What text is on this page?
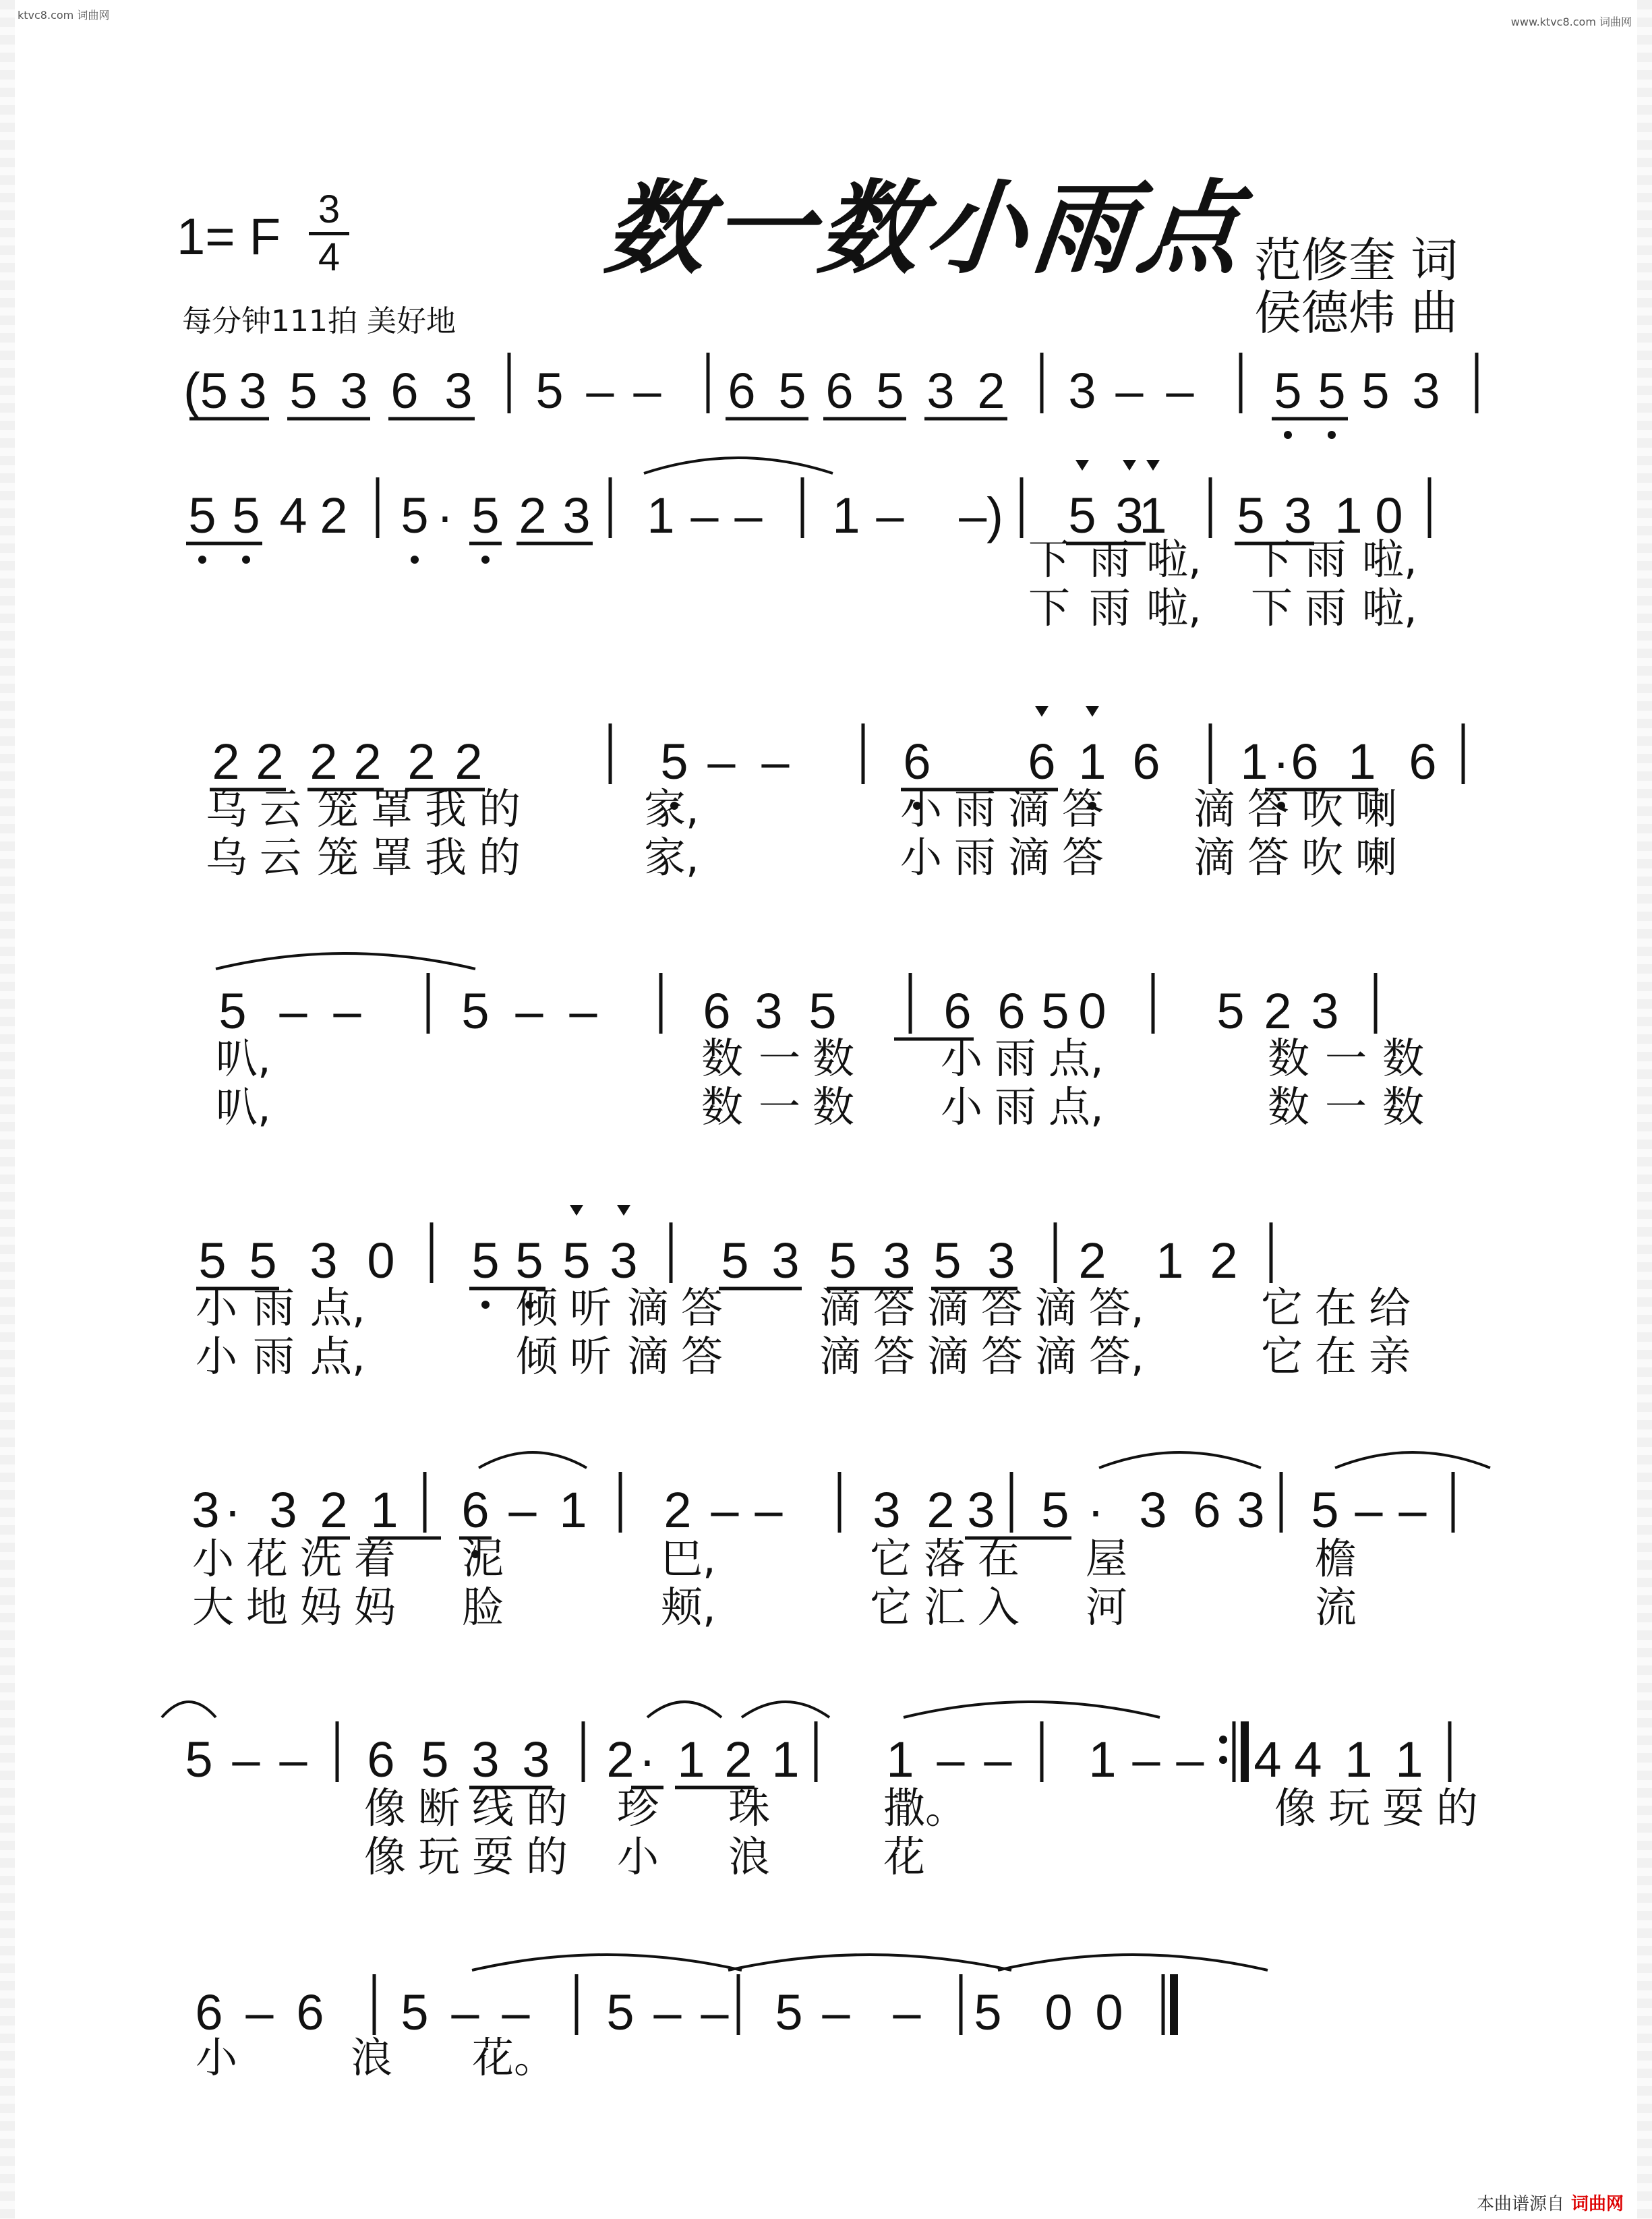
ktvc8.com 词曲网
www.ktvc8.com 词曲网
1= F 3
4
每分钟111拍 美好地
数一数小雨点 范修奎 词
侯德炜 曲
(5 3 5 3 6 3 5 – – 6 5 6 5 3 2 3 – – 5 5 5 3
5 5 4 2 5 · 5 2 3 1 – – 1 – –) 5 3
1 5 3 1 0
2 2 2 2 2 2	5 – – 6 6 1 6 1 · 6 1 6
5 – – 5 – – 6 3 5 6 6 5 0 5 2 3
5 5 3 0 5 5 5 3 5 3 5 3 5 3 2 1 2
3 · 3 2 1 6 – 1 2 – – 3 2 3 5 · 3 6 3 5 – –
5 – – 6 5 3 3 2 · 1 2 1 1 – – 1 – – 4 4 1 1
6 – 6 5 – – 5 – – 5 – – 5 0 0
下 雨 啦, 下 雨 啦,
下 雨 啦, 下 雨 啦,
乌 云 笼 罩 我 的	家,	小 雨 滴 答 滴 答 吹 喇
乌 云 笼 罩 我 的	家,	小 雨 滴 答 滴 答 吹 喇
叭,	数 一 数 小 雨 点,	数 一 数
叭,	数 一 数 小 雨 点,	数 一 数
小 雨 点,	倾 听 滴 答 滴 答 滴 答 滴 答,	它 在 给
小 雨 点,	倾 听 滴 答 滴 答 滴 答 滴 答,	它 在 亲
小 花 洗 着 泥	巴,	它 落 在 屋	檐
大 地 妈 妈 脸	颊,	它 汇 入 河	流
像 断 线 的 珍 珠	撒。	像 玩 耍 的
像 玩 耍 的 小 浪	花
小	浪 花。
本曲谱源自 词曲网
